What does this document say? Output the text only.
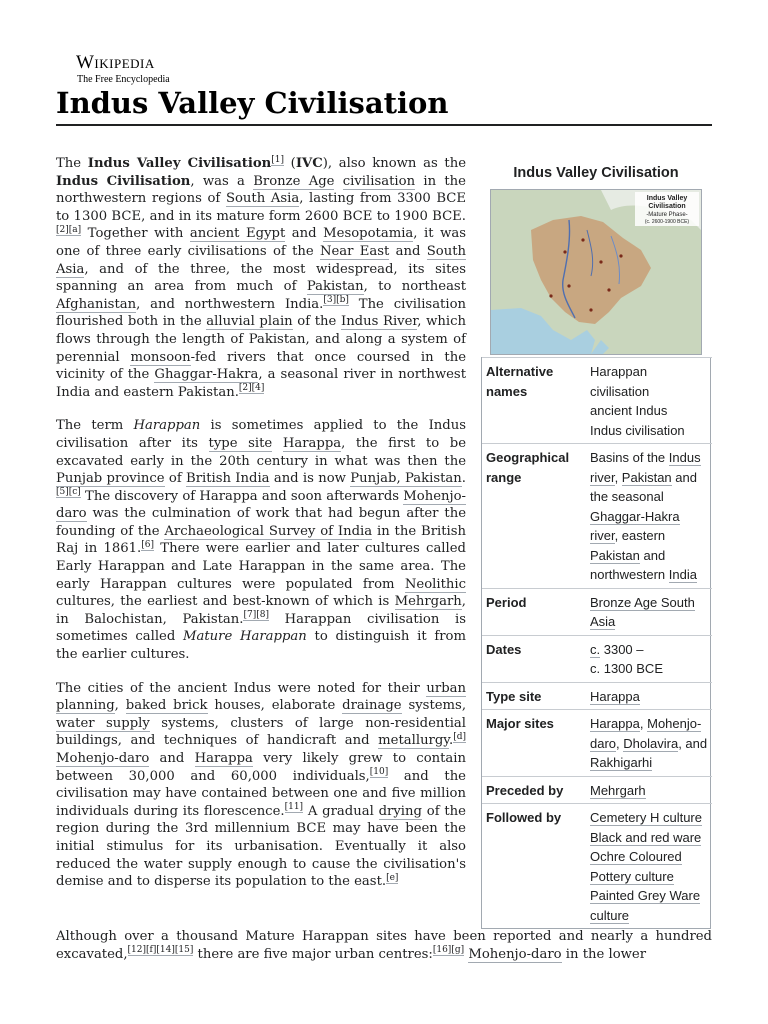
Wikipedia
The Free Encyclopedia
Indus Valley Civilisation

The Indus Valley Civilisation[1] (IVC), also known as the Indus Civilisation, was a Bronze Age civilisation in the northwestern regions of South Asia, lasting from 3300 BCE to 1300 BCE, and in its mature form 2600 BCE to 1900 BCE.[2][a] Together with ancient Egypt and Mesopotamia, it was one of three early civilisations of the Near East and South Asia, and of the three, the most widespread, its sites spanning an area from much of Pakistan, to northeast Afghanistan, and northwestern India.[3][b] The civilisation flourished both in the alluvial plain of the Indus River, which flows through the length of Pakistan, and along a system of perennial monsoon-fed rivers that once coursed in the vicinity of the Ghaggar-Hakra, a seasonal river in northwest India and eastern Pakistan.[2][4]

The term Harappan is sometimes applied to the Indus civilisation after its type site Harappa, the first to be excavated early in the 20th century in what was then the Punjab province of British India and is now Punjab, Pakistan.[5][c] The discovery of Harappa and soon afterwards Mohenjo-daro was the culmination of work that had begun after the founding of the Archaeological Survey of India in the British Raj in 1861.[6] There were earlier and later cultures called Early Harappan and Late Harappan in the same area. The early Harappan cultures were populated from Neolithic cultures, the earliest and best-known of which is Mehrgarh, in Balochistan, Pakistan.[7][8] Harappan civilisation is sometimes called Mature Harappan to distinguish it from the earlier cultures.

The cities of the ancient Indus were noted for their urban planning, baked brick houses, elaborate drainage systems, water supply systems, clusters of large non-residential buildings, and techniques of handicraft and metallurgy.[d] Mohenjo-daro and Harappa very likely grew to contain between 30,000 and 60,000 individuals,[10] and the civilisation may have contained between one and five million individuals during its florescence.[11] A gradual drying of the region during the 3rd millennium BCE may have been the initial stimulus for its urbanisation. Eventually it also reduced the water supply enough to cause the civilisation's demise and to disperse its population to the east.[e]

Although over a thousand Mature Harappan sites have been reported and nearly a hundred excavated,[12][f][14][15] there are five major urban centres:[16][g] Mohenjo-daro in the lower

Indus Valley Civilisation
Indus Valley
Civilisation
-Mature Phase-
(c. 2600-1900 BCE)
Alternative names	Harappan
civilisation
ancient Indus
Indus civilisation

Geographical range	Basins of the Indus river, Pakistan and the seasonal Ghaggar-Hakra river, eastern Pakistan and northwestern India
Period	Bronze Age South Asia
Dates	c. 3300 –
c. 1300 BCE

Type site	Harappa
Major sites	Harappa, Mohenjo-daro, Dholavira, and Rakhigarhi
Preceded by	Mehrgarh
Followed by	Cemetery H culture
Black and red ware
Ochre Coloured Pottery culture
Painted Grey Ware culture
